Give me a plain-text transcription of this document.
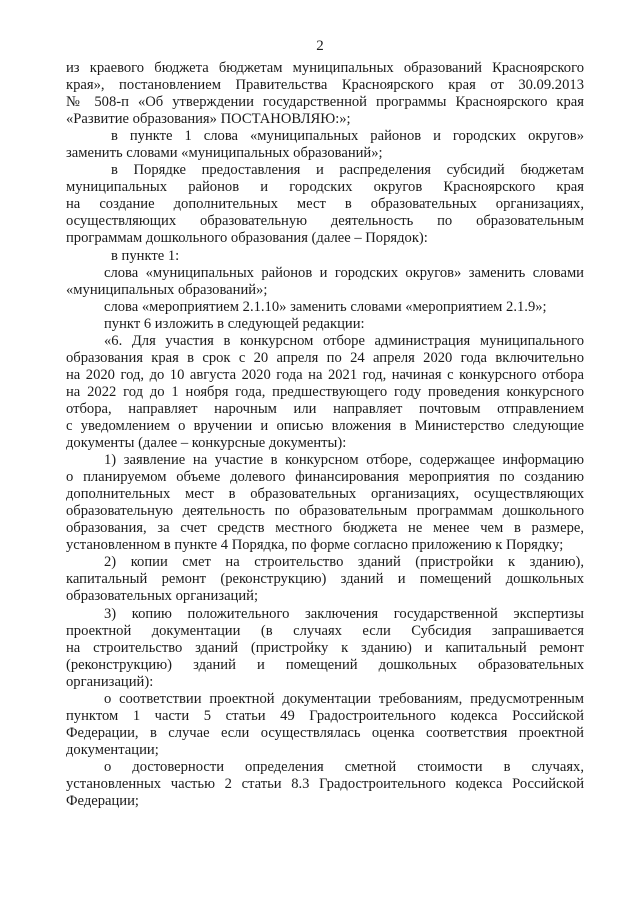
2

из краевого бюджета бюджетам муниципальных образований Красноярского

края», постановлением Правительства Красноярского края от 30.09.2013

№ 508-п «Об утверждении государственной программы Красноярского края

«Развитие образования» ПОСТАНОВЛЯЮ:»;

в пункте 1 слова «муниципальных районов и городских округов»

заменить словами «муниципальных образований»;

в Порядке предоставления и распределения субсидий бюджетам

муниципальных районов и городских округов Красноярского края

на создание дополнительных мест в образовательных организациях,

осуществляющих образовательную деятельность по образовательным

программам дошкольного образования (далее – Порядок):

в пункте 1:

слова «муниципальных районов и городских округов» заменить словами

«муниципальных образований»;

слова «мероприятием 2.1.10» заменить словами «мероприятием 2.1.9»;

пункт 6 изложить в следующей редакции:

«6. Для участия в конкурсном отборе администрация муниципального

образования края в срок с 20 апреля по 24 апреля 2020 года включительно

на 2020 год, до 10 августа 2020 года на 2021 год, начиная с конкурсного отбора

на 2022 год до 1 ноября года, предшествующего году проведения конкурсного

отбора, направляет нарочным или направляет почтовым отправлением

с уведомлением о вручении и описью вложения в Министерство следующие

документы (далее – конкурсные документы):

1) заявление на участие в конкурсном отборе, содержащее информацию

о планируемом объеме долевого финансирования мероприятия по созданию

дополнительных мест в образовательных организациях, осуществляющих

образовательную деятельность по образовательным программам дошкольного

образования, за счет средств местного бюджета не менее чем в размере,

установленном в пункте 4 Порядка, по форме согласно приложению к Порядку;

2) копии смет на строительство зданий (пристройки к зданию),

капитальный ремонт (реконструкцию) зданий и помещений дошкольных

образовательных организаций;

3) копию положительного заключения государственной экспертизы

проектной документации (в случаях если Субсидия запрашивается

на строительство зданий (пристройку к зданию) и капитальный ремонт

(реконструкцию) зданий и помещений дошкольных образовательных

организаций):

о соответствии проектной документации требованиям, предусмотренным

пунктом 1 части 5 статьи 49 Градостроительного кодекса Российской

Федерации, в случае если осуществлялась оценка соответствия проектной

документации;

о достоверности определения сметной стоимости в случаях,

установленных частью 2 статьи 8.3 Градостроительного кодекса Российской

Федерации;
